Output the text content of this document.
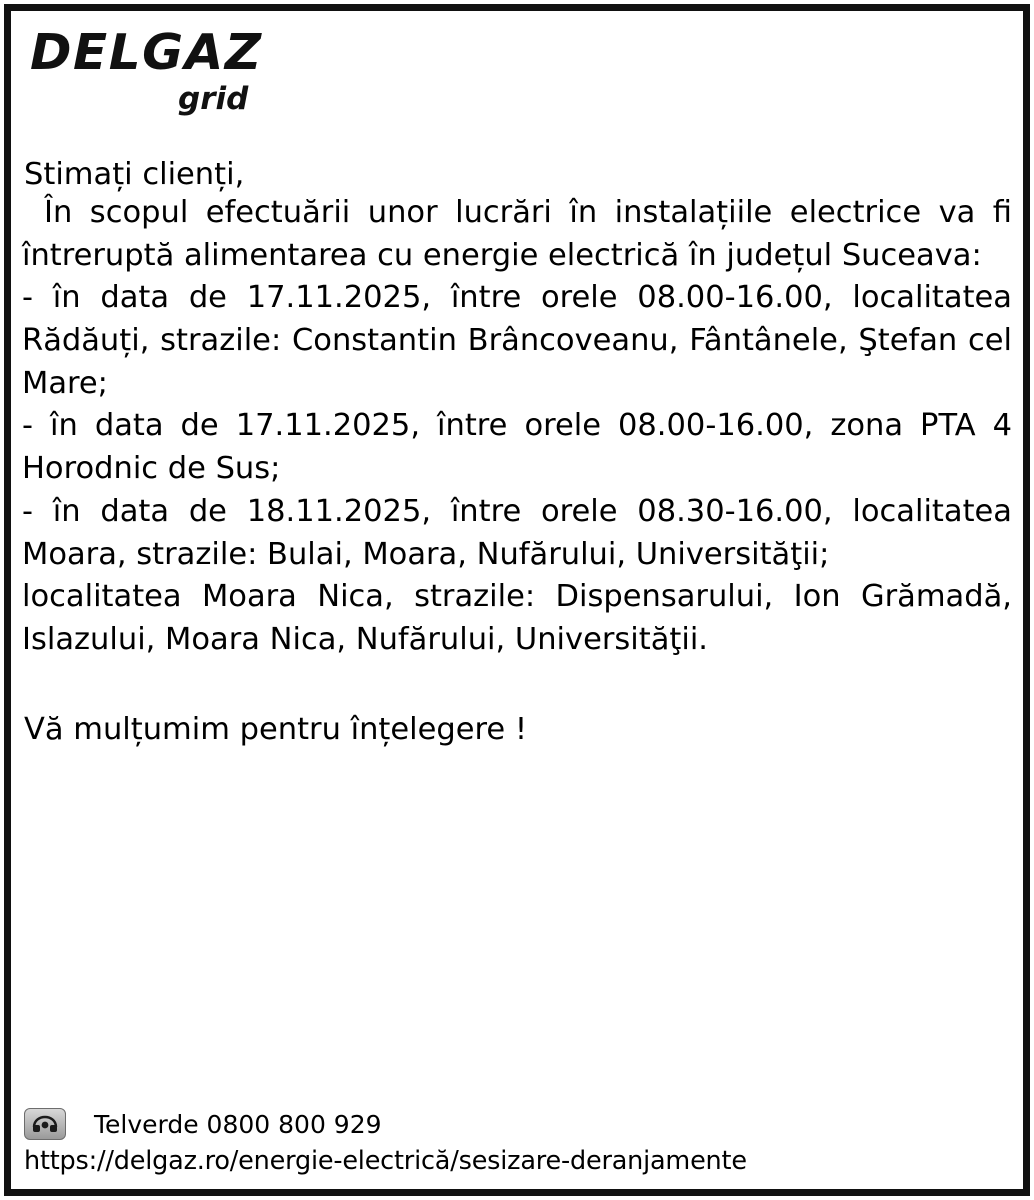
DELGAZ
grid
Stimați clienți,

În scopul efectuării unor lucrări în instalațiile electrice va fi întreruptă alimentarea cu energie electrică în județul Suceava:

- în data de 17.11.2025, între orele 08.00-16.00, localitatea Rădăuți, strazile: Constantin Brâncoveanu, Fântânele, Ştefan cel Mare;

- în data de 17.11.2025, între orele 08.00-16.00, zona PTA 4 Horodnic de Sus;

- în data de 18.11.2025, între orele 08.30-16.00, localitatea Moara, strazile: Bulai, Moara, Nufărului, Universităţii;

localitatea Moara Nica, strazile: Dispensarului, Ion Grămadă, Islazului, Moara Nica, Nufărului, Universităţii.

Vă mulțumim pentru înțelegere !
Telverde 0800 800 929
https://delgaz.ro/energie-electrică/sesizare-deranjamente
